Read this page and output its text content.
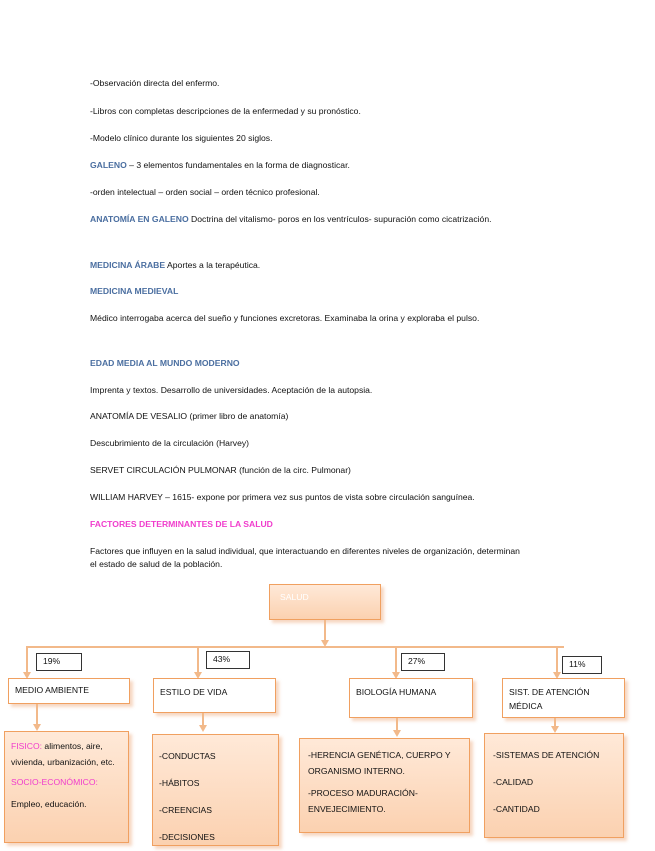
-Observación directa del enfermo.
-Libros con completas descripciones de la enfermedad y su pronóstico.
-Modelo clínico durante los siguientes 20 siglos.
GALENO – 3 elementos fundamentales en la forma de diagnosticar.
-orden intelectual – orden social – orden técnico profesional.
ANATOMÍA EN GALENO Doctrina del vitalismo- poros en los ventrículos- supuración como cicatrización.
MEDICINA ÁRABE Aportes a la terapéutica.
MEDICINA MEDIEVAL
Médico interrogaba acerca del sueño y funciones excretoras. Examinaba la orina y exploraba el pulso.
EDAD MEDIA AL MUNDO MODERNO
Imprenta y textos. Desarrollo de universidades. Aceptación de la autopsia.
ANATOMÍA DE VESALIO (primer libro de anatomía)
Descubrimiento de la circulación (Harvey)
SERVET CIRCULACIÓN PULMONAR (función de la circ. Pulmonar)
WILLIAM HARVEY – 1615- expone por primera vez sus puntos de vista sobre circulación sanguínea.
FACTORES DETERMINANTES DE LA SALUD
Factores que influyen en la salud individual, que interactuando en diferentes niveles de organización, determinan el estado de salud de la población.
SALUD
19%	43%	27%	11%
MEDIO AMBIENTE	ESTILO DE VIDA	BIOLOGÍA HUMANA	SIST. DE ATENCIÓN MÉDICA
FISICO: alimentos, aire, vivienda, urbanización, etc.
SOCIO-ECONÓMICO:
Empleo, educación.
-CONDUCTAS
-HÁBITOS
-CREENCIAS
-DECISIONES
-HERENCIA GENÉTICA, CUERPO Y ORGANISMO INTERNO.
-PROCESO MADURACIÓN-ENVEJECIMIENTO.
-SISTEMAS DE ATENCIÓN
-CALIDAD
-CANTIDAD
